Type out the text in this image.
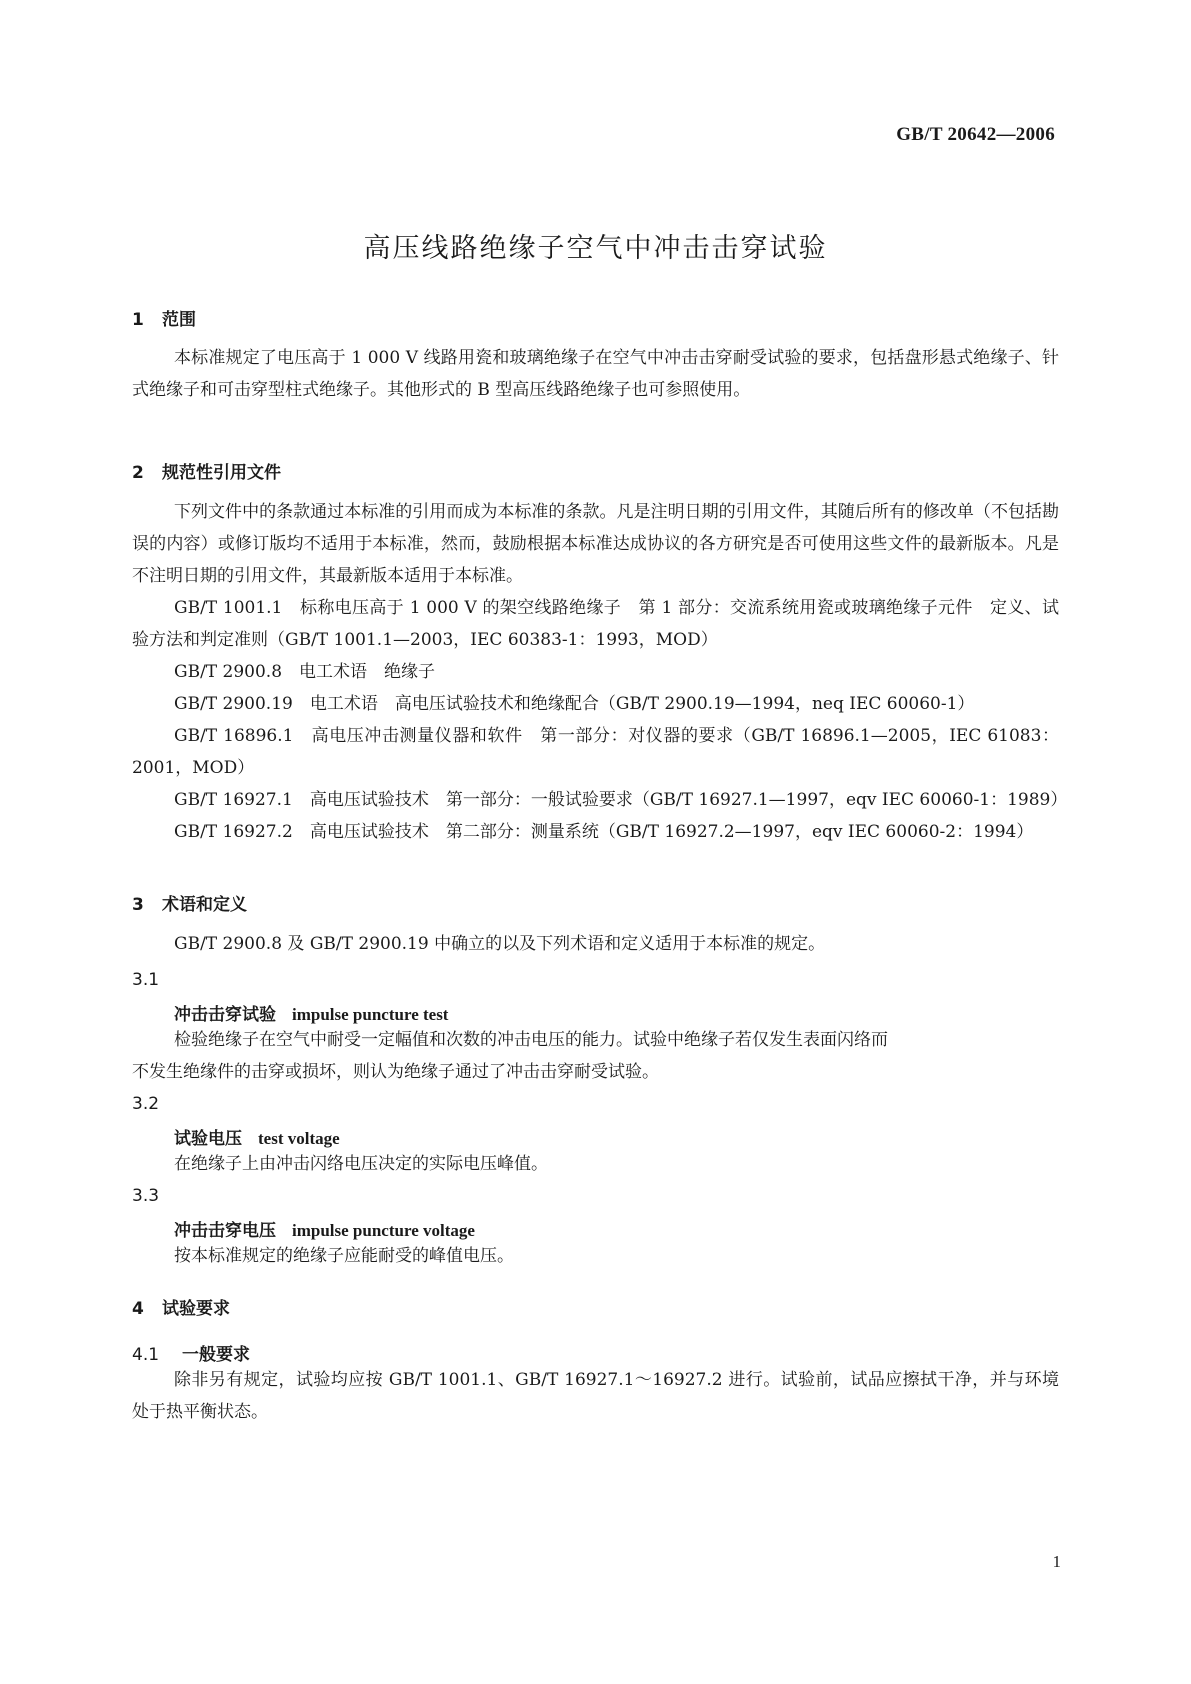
GB/T 20642—2006
高压线路绝缘子空气中冲击击穿试验
1 范围

本标准规定了电压高于 1 000 V 线路用瓷和玻璃绝缘子在空气中冲击击穿耐受试验的要求，包括盘形悬式绝缘子、针式绝缘子和可击穿型柱式绝缘子。其他形式的 B 型高压线路绝缘子也可参照使用。

2 规范性引用文件

下列文件中的条款通过本标准的引用而成为本标准的条款。凡是注明日期的引用文件，其随后所有的修改单（不包括勘误的内容）或修订版均不适用于本标准，然而，鼓励根据本标准达成协议的各方研究是否可使用这些文件的最新版本。凡是不注明日期的引用文件，其最新版本适用于本标准。

GB/T 1001.1　标称电压高于 1 000 V 的架空线路绝缘子　第 1 部分：交流系统用瓷或玻璃绝缘子元件　定义、试验方法和判定准则（GB/T 1001.1—2003，IEC 60383-1：1993，MOD）

GB/T 2900.8　电工术语　绝缘子

GB/T 2900.19　电工术语　高电压试验技术和绝缘配合（GB/T 2900.19—1994，neq IEC 60060-1）

GB/T 16896.1　高电压冲击测量仪器和软件　第一部分：对仪器的要求（GB/T 16896.1—2005，IEC 61083：2001，MOD）

GB/T 16927.1　高电压试验技术　第一部分：一般试验要求（GB/T 16927.1—1997，eqv IEC 60060-1：1989）

GB/T 16927.2　高电压试验技术　第二部分：测量系统（GB/T 16927.2—1997，eqv IEC 60060-2：1994）

3 术语和定义

GB/T 2900.8 及 GB/T 2900.19 中确立的以及下列术语和定义适用于本标准的规定。

3.1
冲击击穿试验 impulse puncture test

检验绝缘子在空气中耐受一定幅值和次数的冲击电压的能力。试验中绝缘子若仅发生表面闪络而

不发生绝缘件的击穿或损坏，则认为绝缘子通过了冲击击穿耐受试验。

3.2
试验电压 test voltage

在绝缘子上由冲击闪络电压决定的实际电压峰值。

3.3
冲击击穿电压 impulse puncture voltage

按本标准规定的绝缘子应能耐受的峰值电压。

4 试验要求
4.1 一般要求

除非另有规定，试验均应按 GB/T 1001.1、GB/T 16927.1～16927.2 进行。试验前，试品应擦拭干净，并与环境处于热平衡状态。

1
